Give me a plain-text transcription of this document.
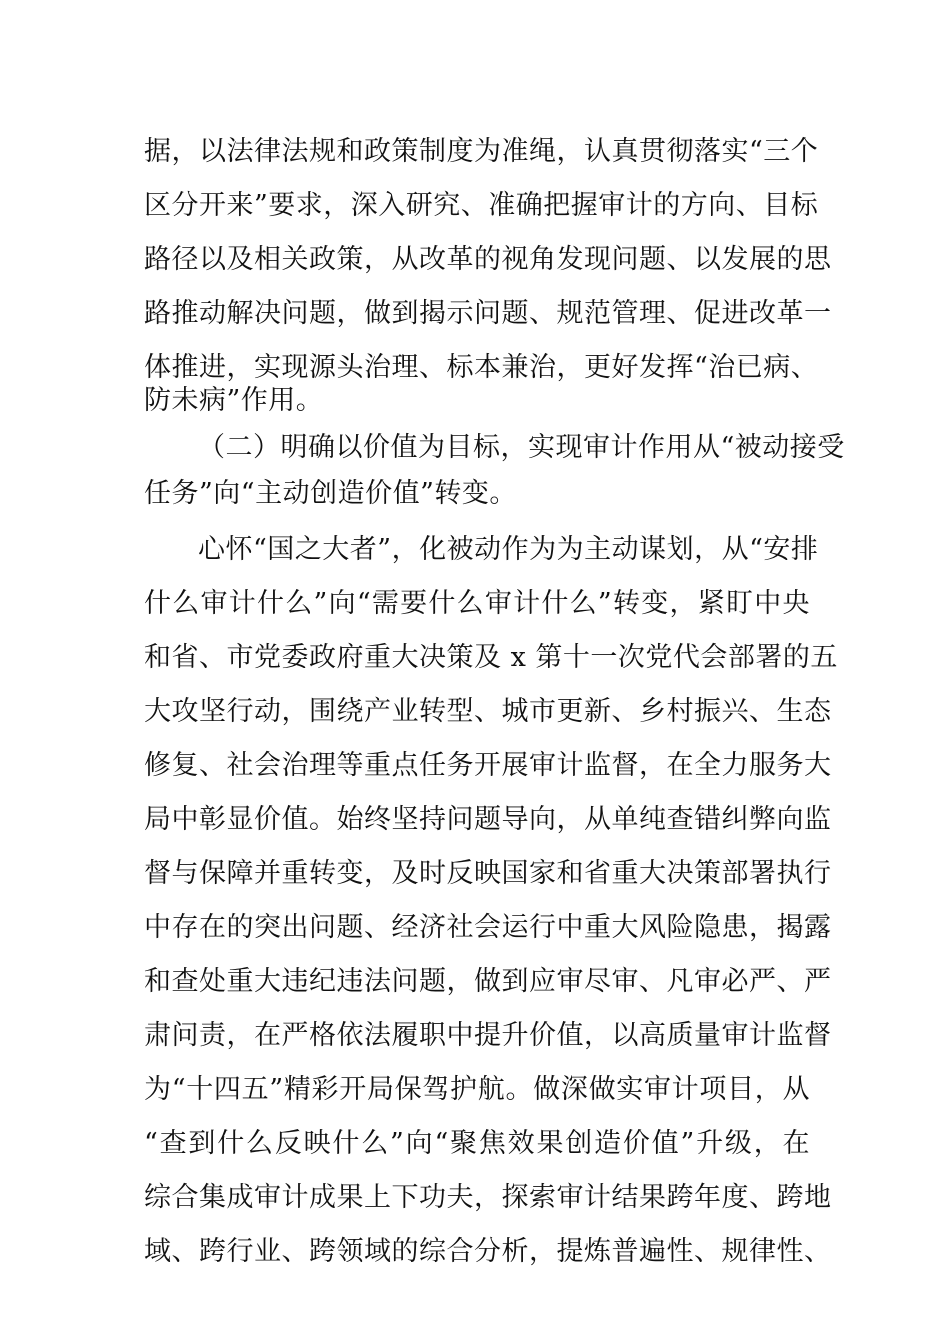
据，以法律法规和政策制度为准绳，认真贯彻落实“三个
区分开来”要求，深入研究、准确把握审计的方向、目标
路径以及相关政策，从改革的视角发现问题、以发展的思
路推动解决问题，做到揭示问题、规范管理、促进改革一
体推进，实现源头治理、标本兼治，更好发挥“治已病、
防未病”作用。
（二）明确以价值为目标，实现审计作用从“被动接受
任务”向“主动创造价值”转变。
心怀“国之大者”，化被动作为为主动谋划，从“安排
什么审计什么”向“需要什么审计什么”转变，紧盯中央
和省、市党委政府重大决策及 x 第十一次党代会部署的五
大攻坚行动，围绕产业转型、城市更新、乡村振兴、生态
修复、社会治理等重点任务开展审计监督，在全力服务大
局中彰显价值。始终坚持问题导向，从单纯查错纠弊向监
督与保障并重转变，及时反映国家和省重大决策部署执行
中存在的突出问题、经济社会运行中重大风险隐患，揭露
和查处重大违纪违法问题，做到应审尽审、凡审必严、严
肃问责，在严格依法履职中提升价值，以高质量审计监督
为“十四五”精彩开局保驾护航。做深做实审计项目，从
“查到什么反映什么”向“聚焦效果创造价值”升级，在
综合集成审计成果上下功夫，探索审计结果跨年度、跨地
域、跨行业、跨领域的综合分析，提炼普遍性、规律性、
